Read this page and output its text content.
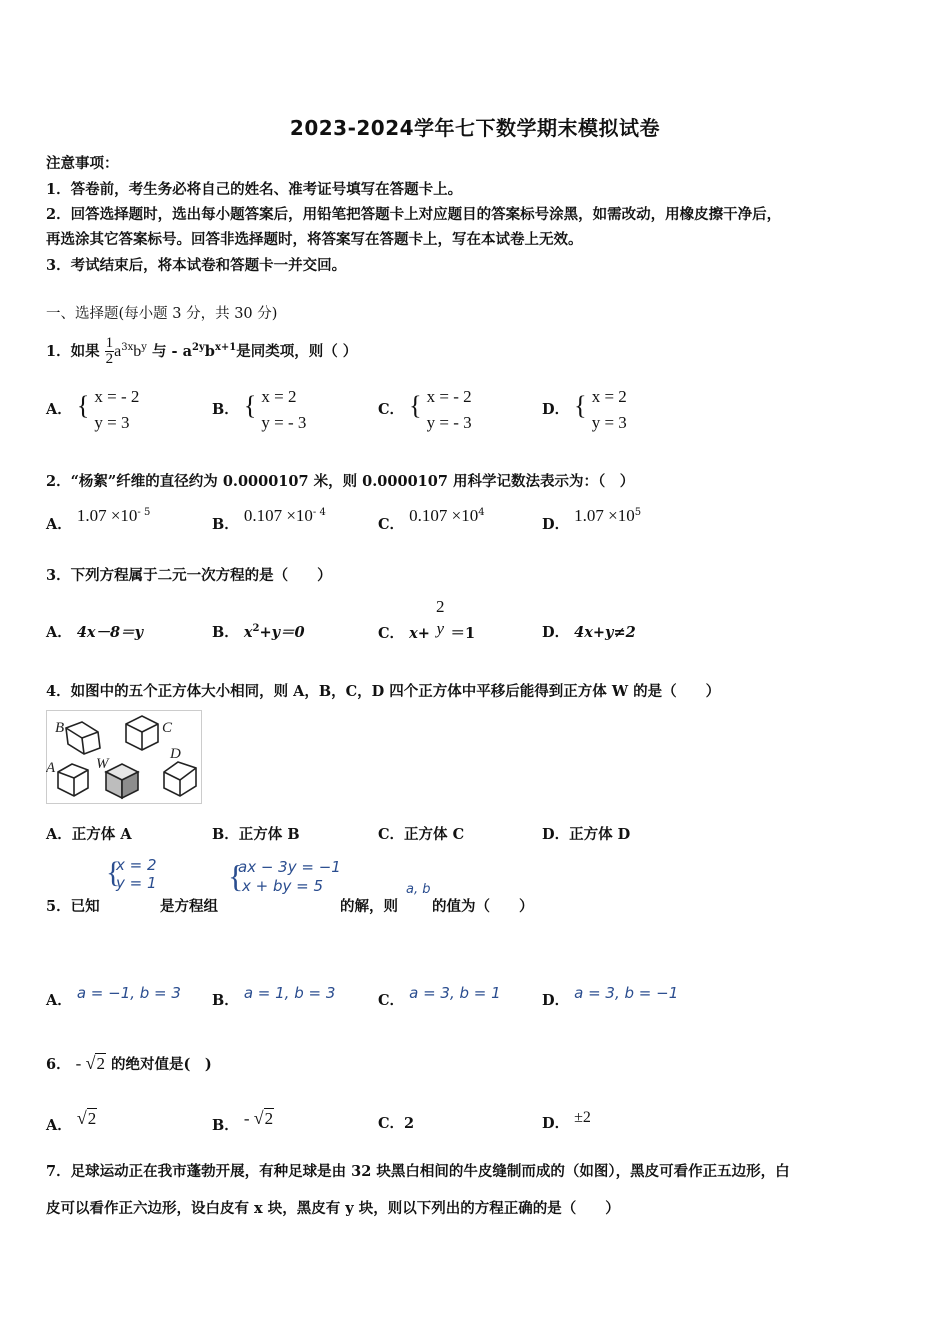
2023-2024学年七下数学期末模拟试卷
注意事项：
1．答卷前，考生务必将自己的姓名、准考证号填写在答题卡上。
2．回答选择题时，选出每小题答案后，用铅笔把答题卡上对应题目的答案标号涂黑，如需改动，用橡皮擦干净后，
再选涂其它答案标号。回答非选择题时，将答案写在答题卡上，写在本试卷上无效。
3．考试结束后，将本试卷和答题卡一并交回。
一、选择题(每小题 3 分，共 30 分)
1．如果 $\frac{1}{2} a^{3x}b^y$ 与 - $a^{2y}b^{x+1}$是同类项，则（ ）
A． { x = - 2
y = 3
B． { x = 2
y = - 3
C． { x = - 2
y = - 3
D． { x = 2
y = 3
2．“杨絮”纤维的直径约为 0.0000107 米，则 0.0000107 用科学记数法表示为：（　）
A． $1.07 \times 10^{- 5}$
B． $0.107 \times 10^{- 4}$
C． $0.107 \times 10^4$
D． $1.07 \times 10^5$
3．下列方程属于二元一次方程的是（　　）
A． 4x－8＝y	B． $x^2+y=0$	C． x+
2
y ＝1	D． 4x+y≠2
4．如图中的五个正方体大小相同，则 A，B，C，D 四个正方体中平移后能得到正方体 W 的是（　　）
B	C
A	W
D
A．正方体 A	B．正方体 B	C．正方体 C	D．正方体 D
5．已知
{
x = 2
y = 1
是方程组
{
ax − 3y = −1
x + by = 5
的解，则
a, b
的值为（　　）
A． a = −1, b = 3 B． a = 1, b = 3	C． a = 3, b = 1	D． a = 3, b = −1
6． - √2 的绝对值是(　)
A． √2	B． - √2	C．2	D． ±2
7．足球运动正在我市蓬勃开展，有种足球是由 32 块黑白相间的牛皮缝制而成的（如图），黑皮可看作正五边形，白
皮可以看作正六边形，设白皮有 x 块，黑皮有 y 块，则以下列出的方程正确的是（　　）
